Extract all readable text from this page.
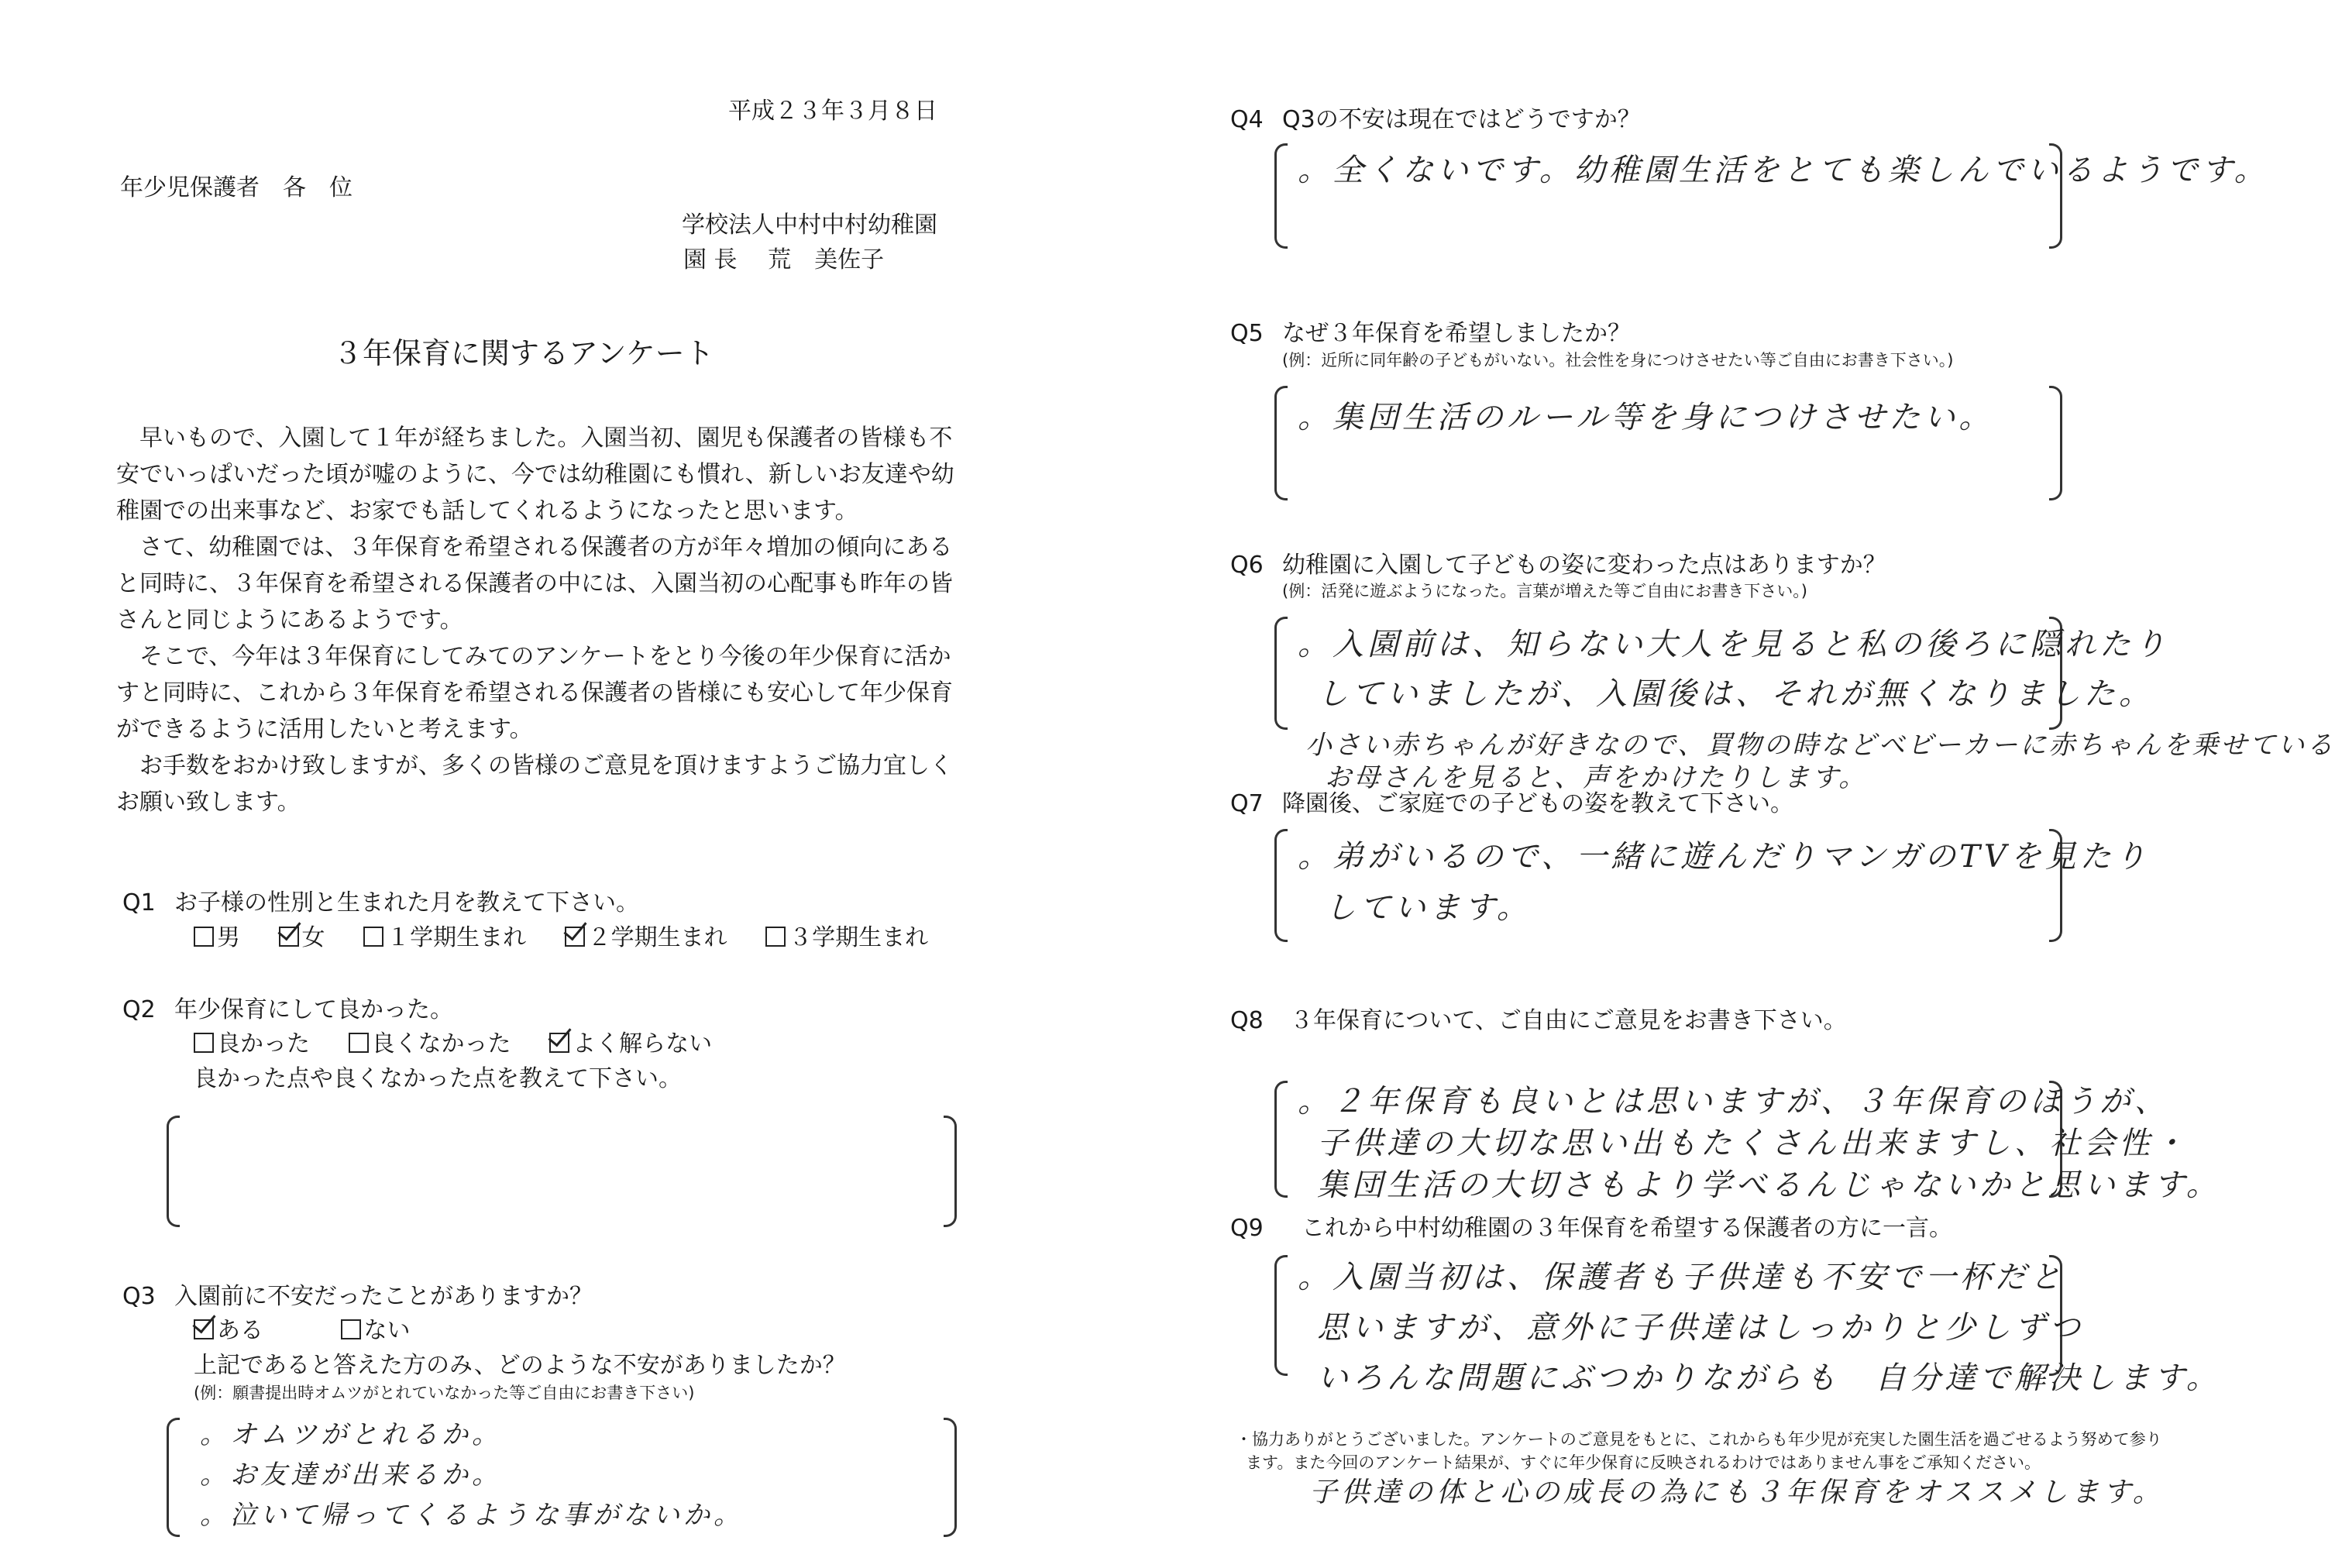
平成２３年３月８日
年少児保護者　各　位
学校法人中村中村幼稚園
園 長　 荒　美佐子
３年保育に関するアンケート
早いもので、入園して１年が経ちました。入園当初、園児も保護者の皆様も不安でいっぱいだった頃が嘘のように、今では幼稚園にも慣れ、新しいお友達や幼稚園での出来事など、お家でも話してくれるようになったと思います。
さて、幼稚園では、３年保育を希望される保護者の方が年々増加の傾向にあると同時に、３年保育を希望される保護者の中には、入園当初の心配事も昨年の皆さんと同じようにあるようです。
そこで、今年は３年保育にしてみてのアンケートをとり今後の年少保育に活かすと同時に、これから３年保育を希望される保護者の皆様にも安心して年少保育ができるように活用したいと考えます。
お手数をおかけ致しますが、多くの皆様のご意見を頂けますようご協力宜しくお願い致します。
Q1 お子様の性別と生まれた月を教えて下さい。
男	女	１学期生まれ	２学期生まれ	３学期生まれ
Q2 年少保育にして良かった。
良かった	良くなかった	よく解らない
良かった点や良くなかった点を教えて下さい。
Q3 入園前に不安だったことがありますか？
ある	ない
上記であると答えた方のみ、どのような不安がありましたか？
(例：願書提出時オムツがとれていなかった等ご自由にお書き下さい)
。オムツがとれるか。
。お友達が出来るか。
。泣いて帰ってくるような事がないか。
Q4 Q3の不安は現在ではどうですか？
。全くないです。幼稚園生活をとても楽しんでいるようです。
Q5 なぜ３年保育を希望しましたか？
(例：近所に同年齢の子どもがいない。社会性を身につけさせたい等ご自由にお書き下さい。)
。集団生活のルール等を身につけさせたい。
Q6 幼稚園に入園して子どもの姿に変わった点はありますか？
(例：活発に遊ぶようになった。言葉が増えた等ご自由にお書き下さい。)
。入園前は、知らない大人を見ると私の後ろに隠れたり
していましたが、入園後は、それが無くなりました。
小さい赤ちゃんが好きなので、買物の時などベビーカーに赤ちゃんを乗せている
お母さんを見ると、声をかけたりします。
Q7 降園後、ご家庭での子どもの姿を教えて下さい。
。弟がいるので、一緒に遊んだりマンガのTVを見たり
しています。
Q8 ３年保育について、ご自由にご意見をお書き下さい。
。２年保育も良いとは思いますが、３年保育のほうが、
子供達の大切な思い出もたくさん出来ますし、社会性・
集団生活の大切さもより学べるんじゃないかと思います。
Q9 これから中村幼稚園の３年保育を希望する保護者の方に一言。
。入園当初は、保護者も子供達も不安で一杯だと
思いますが、意外に子供達はしっかりと少しずつ
いろんな問題にぶつかりながらも　自分達で解決します。
・協力ありがとうございました。アンケートのご意見をもとに、これからも年少児が充実した園生活を過ごせるよう努めて参り
ます。また今回のアンケート結果が、すぐに年少保育に反映されるわけではありません事をご承知ください。
子供達の体と心の成長の為にも３年保育をオススメします。
